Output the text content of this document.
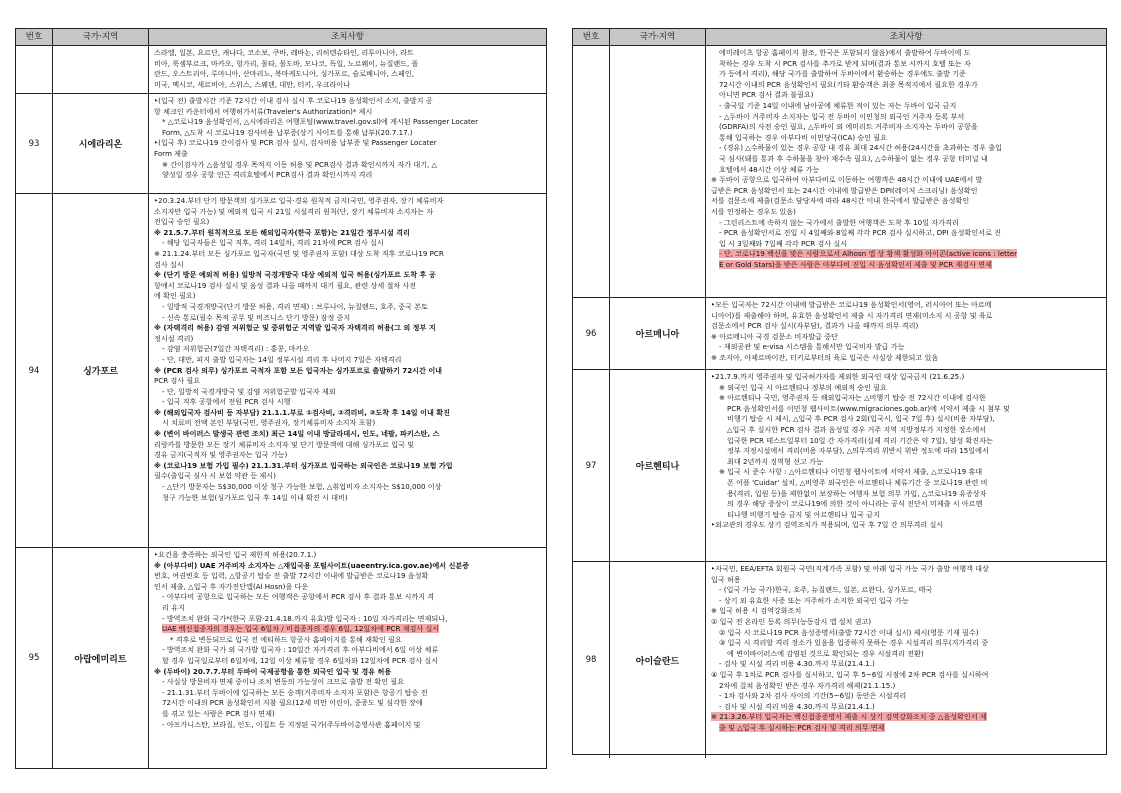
번호	국가·지역	조치사항
스라엘, 일본, 요르단, 캐나다, 코소보, 쿠바, 레바논, 리히텐슈타인, 리투아니아, 라트
비아, 룩셈부르크, 마카오, 헝가리, 몰타, 몰도바, 모나코, 독일, 노르웨이, 뉴질랜드, 폴
란드, 오스트리아, 루마니아, 산마리노, 북마케도니아, 싱가포르, 슬로베니아, 스페인,
미국, 멕시코, 세르비아, 스위스, 스웨덴, 대만, 터키, 우크라이나
93	시에라리온
‣(입국 전) 출발시간 기준 72시간 이내 검사 실시 후 코로나19 음성확인서 소지, 출발지 공
항 체크인 카운터에서 여행허가서류(Traveler's Authorization)* 제시
* △코로나19 음성확인서, △시에라리온 여행포털(www.travel.gov.sl)에 게시된 Passenger Locater
Form, △도착 시 코로나19 검사비용 납부증(상기 사이트를 통해 납부)(20.7.17.)
‣(입국 후) 코로나19 간이검사 및 PCR 검사 실시, 검사비용 납부증 및 Passenger Locater
Form 제출
※ 간이검사가 △음성일 경우 목적지 이동 허용 및 PCR검사 결과 확인시까지 자가 대기, △
양성일 경우 공항 인근 격리호텔에서 PCR검사 결과 확인시까지 격리
94	싱가포르
‣20.3.24.부터 단기 방문객의 싱가포르 입국·경유 원칙적 금지(국민, 영주권자, 장기 체류비자
소지자만 입국 가능) 및 예외적 입국 시 21일 시설격리 원칙(단, 장기 체류비자 소지자는 자
전입국 승인 필요)
※ 21.5.7.부터 원칙적으로 모든 해외입국자(한국 포함)는 21일간 정부시설 격리
- 해당 입국자들은 입국 직후, 격리 14일차, 격리 21차에 PCR 검사 실시
※ 21.1.24.부터 모든 싱가포르 입국자(국민 및 영주권자 포함) 대상 도착 직후 코로나19 PCR
검사 실시
※ (단기 방문 예외적 허용) 일방적 국경개방국 대상 예외적 입국 허용(싱가포르 도착 후 공
항에서 코로나19 검사 실시 및 음성 결과 나올 때까지 대기 필요, 관련 상세 절차 사전
에 확인 필요)
- 일방적 국경개방국(단기 방문 허용, 격리 면제) : 브루나이, 뉴질랜드, 호주, 중국 본토
- 신속 통로(필수 목적 공무 및 비즈니스 단기 방문) 잠정 중지
※ (자택격리 허용) 감염 저위험군 및 중위험군 지역발 입국자 자택격리 허용(그 외 정부 지
정시설 격리)
- 감염 저위험군(7일간 자택격리) : 홍콩, 마카오
- 단, 대만, 피지 출발 입국자는 14일 정부시설 격리 후 나머지 7일은 자택격리
※ (PCR 검사 의무) 싱가포르 국적자 포함 모든 입국자는 싱가포르로 출발하기 72시간 이내
PCR 검사 필요
- 단, 일방적 국경개방국 및 감염 저위험군발 입국자 제외
- 입국 직후 공항에서 전원 PCR 검사 시행
※ (해외입국자 검사비 등 자부담) 21.1.1.부로 ①검사비, ②격리비, ③도착 후 14일 이내 확진
시 치료비 전액 본인 부담(국민, 영주권자, 장기체류비자 소지자 포함)
※ (변이 바이러스 발생국 관련 조치) 최근 14일 이내 방글라데시, 인도, 네팔, 파키스탄, 스
리랑카를 방문한 모든 장기 체류비자 소지자 및 단기 방문객에 대해 싱가포르 입국 및
경유 금지(국적자 및 영주권자는 입국 가능)
※ (코로나19 보험 가입 필수) 21.1.31.부터 싱가포르 입국하는 외국인은 코로나19 보험 가입
필수(출입국 심사 시 보험 약관 등 제시)
- △단기 방문자는 S$30,000 이상 청구 가능한 보험, △취업비자 소지자는 S$10,000 이상
청구 가능한 보험(싱가포르 입국 후 14일 이내 확진 시 대비)
95	아랍에미리트
‣요건을 충족하는 외국인 입국 제한적 허용(20.7.1.)
※ (아부다비) UAE 거주비자 소지자는 △재입국용 포털사이트(uaeentry.ica.gov.ae)에서 신분증
번호, 여권번호 등 입력, △항공기 탑승 전 출발 72시간 이내에 발급받은 코로나19 음성확
인서 제출, △입국 후 자가진단앱(Al Hosn)을 다운
- 아부다비 공항으로 입국하는 모든 여행객은 공항에서 PCR 검사 후 결과 통보 시까지 격
리 유지
- 방역조치 완화 국가*(한국 포함-21.4.18.까지 유효)발 입국자 : 10일 자가격리는 면제되나,
UAE 백신접종자의 경우는 입국 6일차 / 비접종자의 경우 6일, 12일차에 PCR 재검사 실시
* 격후로 변동되므로 입국 전 에티하드 항공사 홈페이지를 통해 재확인 필요
- 방역조치 완화 국가 외 국가발 입국자 : 10일간 자가격리 후 아부다비에서 6일 이상 체류
할 경우 입국일로부터 6일차에, 12일 이상 체류할 경우 6일차와 12일차에 PCR 검사 실시
※ (두바이) 20.7.7.부터 두바이 국제공항을 통한 외국인 입국 및 경유 허용
- 사실상 방문비자 면제 중이나 조치 변동의 가능성이 크므로 출발 전 확인 필요
- 21.1.31.부터 두바이에 입국하는 모든 승객(거주비자 소지자 포함)은 항공기 탑승 전
72시간 이내의 PCR 음성확인서 지참 필요(12세 미만 어린이, 중증도 및 심각한 장애
를 겪고 있는 사람은 PCR 검사 면제)
- 아프가니스탄, 브라질, 인도, 이집트 등 지정된 국가(주두바이총영사관 홈페이지 및
번호	국가·지역	조치사항
에미레이츠 항공 홈페이지 참조, 한국은 포함되지 않음)에서 출발하여 두바이에 도
착하는 경우 도착 시 PCR 검사를 추가로 받게 되며(결과 통보 시까지 호텔 또는 자
가 등에서 격리), 해당 국가를 출발하여 두바이에서 환승하는 경우에도 출발 기준
72시간 이내의 PCR 음성확인서 필요(기타 환승객은 최종 목적지에서 필요한 경우가
아니면 PCR 검사 결과 불필요)
- 출국일 기준 14일 이내에 남아공에 체류한 적이 있는 자는 두바이 입국 금지
- △두바이 거주비자 소지자는 입국 전 두바이 이민청의 외국인 거주자 등록 부서
(GDRFA)의 사전 승인 필요, △두바이 외 에미리트 거주비자 소지자는 두바이 공항을
통해 입국하는 경우 아부다비 이민당국(ICA) 승인 필요
- (경유) △수하물이 있는 경우 공항 내 경유 최대 24시간 허용(24시간을 초과하는 경우 출입
국 심사(돼를 통과 후 수하물을 찾아 재수속 필요), △수하물이 없는 경우 공항 터미널 내
호텔에서 48시간 이상 체류 가능
※ 두바이 공항으로 입국하여 아부다비로 이동하는 여행객은 48시간 이내에 UAE에서 발
급받은 PCR 음성확인서 또는 24시간 이내에 발급받은 DPI(레이저 스크리닝) 음성확인
서를 검문소에 제출(검문소 담당자에 따라 48시간 이내 한국에서 발급받은 음성확인
서를 인정하는 경우도 있음)
- 그린리스트에 속하지 않는 국가에서 출발한 여행객은 도착 후 10일 자가격리
- PCR 음성확인서로 진입 시 4일째와 8일째 각각 PCR 검사 실시하고, DPI 음성확인서로 진
입 시 3일째와 7일째 각각 PCR 검사 실시
- 단, 코로나19 백신을 맞은 사람으로서 Alhosn 앱 상 황색 활성화 아이콘(active icons : letter
E or Gold Stars)을 받은 사람은 아부다비 진입 시 음성확인서 제출 및 PCR 재검사 면제
96	아르메니아
‣모든 입국자는 72시간 이내에 발급받은 코로나19 음성확인서(영어, 러시아어 또는 아르메
니아어)를 제출해야 하며, 유효한 음성확인서 제출 시 자가격리 면제(미소지 시 공항 및 육로
검문소에서 PCR 검사 실시(자부담), 결과가 나올 때까지 의무 격리)
※ 아르메니아 국경 검문소 비자발급 중단
- 재외공관 및 e-visa 시스템을 통해서만 입국비자 발급 가능
※ 조지아, 아제르바이잔, 터키로부터의 육로 입국은 사실상 제한되고 있음
97	아르헨티나
‣21.7.9.까지 영주권자 및 입국허가자를 제외한 외국인 대상 입국금지 (21.6.25.)
※ 외국인 입국 시 아르헨티나 정부의 예외적 승인 필요
※ 아르헨티나 국민, 영주권자 등 해외입국자는 △비행기 탑승 전 72시간 이내에 검사한
PCR 음성확인서를 이민청 웹사이트(www.migraciones.gob.ar)에 서약서 제출 시 첨부 및
비행기 탑승 시 제시, △입국 후 PCR 검사 2회(입국시, 입국 7일 후) 실시(비용 자부담),
△입국 후 실시한 PCR 검사 결과 음성일 경우 거주 지역 지방정부가 지정한 장소에서
입국한 PCR 테스트일부터 10일 간 자가격리(실제 격리 기간은 약 7일), 양성 확진자는
정부 지정시설에서 격리(비용 자부담), △의무격리 위반시 위반 정도에 따라 15일에서
최대 2년까지 징역형 선고 가능
※ 입국 시 준수 사항 : △아르헨티나 이민청 웹사이트에 서약서 제출, △코로나19 휴대
폰 어플 'Cuidar' 설치, △비영주 외국인은 아르헨티나 체류기간 중 코로나19 관련 비
용(격리, 입원 등)을 제한없이 보장하는 여행자 보험 의무 가입, △코로나19 유증상자
의 경우 해당 증상이 코로나19에 의한 것이 아니라는 공식 진단서 미제출 시 아르헨
티나행 비행기 탑승 금지 및 아르헨티나 입국 금지
‣외교관의 경우도 상기 검역조치가 적용되며, 입국 후 7일 간 의무격리 실시
98	아이슬란드
‣자국민, EEA/EFTA 회원국 국민(직계가족 포함) 및 아래 입국 가능 국가 출발 여행객 대상
입국 허용
- (입국 가능 국가)한국, 호주, 뉴질랜드, 일본, 르완다, 싱가포르, 태국
- 상기 외 유효한 사증 또는 거주허가 소지한 외국인 입국 가능
※ 입국 허용 시 검역강화조치
① 입국 전 온라인 등록 의무(능동감시 앱 설치 권고)
② 입국 시 코로나19 PCR 음성증명서(출발 72시간 이내 실시) 제시(영문 기재 필수)
③ 입국 시 격리할 격리 장소가 있음을 입증하지 못하는 경우 시설격리 의무(지가격리 중
에 변이바이러스에 감염된 것으로 확인되는 경우 시설격리 전환)
- 검사 및 시설 격리 비용 4.30.까지 무료(21.4.1.)
④ 입국 후 1차로 PCR 검사를 실시하고, 입국 후 5~6일 시점에 2차 PCR 검사를 실시하여
2차에 걸쳐 음성확인 받은 경우 자가격리 해제(21.1.15.)
- 1차 검사와 2차 검사 사이의 기간(5~6일) 동안은 시설격리
- 검사 및 시설 격리 비용 4.30.까지 무료(21.4.1.)
※ 21.3.26.부터 입국자는 백신접종증명서 제출 시 상기 검역강화조치 중 △음성확인서 제
출 및 △입국 후 실시하는 PCR 검사 및 격리 의무 면제
